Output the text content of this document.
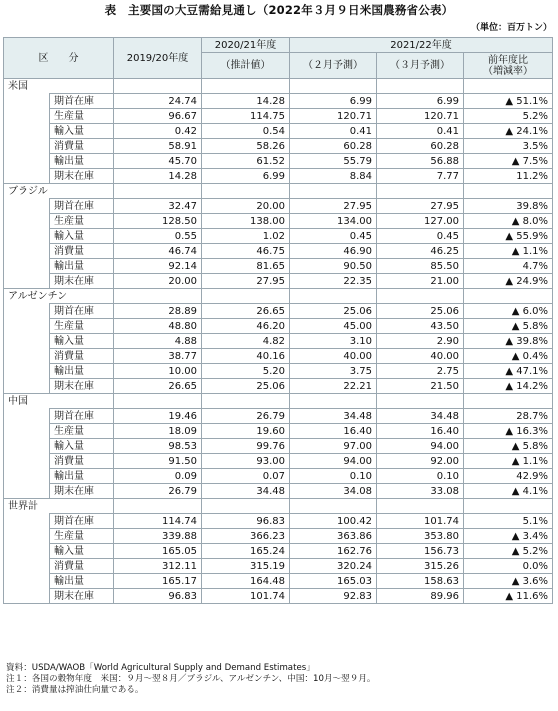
表　主要国の大豆需給見通し（2022年３月９日米国農務省公表）
（単位：百万トン）
区　　分		2019/20年度	2020/21年度	2021/22年度		
			（推計値）	（２月予測）	（３月予測）	前年度比
（増減率）
米国						
	期首在庫	24.74	14.28	6.99	6.99	▲ 51.1%
	生産量	96.67	114.75	120.71	120.71	5.2%
	輸入量	0.42	0.54	0.41	0.41	▲ 24.1%
	消費量	58.91	58.26	60.28	60.28	3.5%
	輸出量	45.70	61.52	55.79	56.88	▲ 7.5%
	期末在庫	14.28	6.99	8.84	7.77	11.2%
ブラジル						
	期首在庫	32.47	20.00	27.95	27.95	39.8%
	生産量	128.50	138.00	134.00	127.00	▲ 8.0%
	輸入量	0.55	1.02	0.45	0.45	▲ 55.9%
	消費量	46.74	46.75	46.90	46.25	▲ 1.1%
	輸出量	92.14	81.65	90.50	85.50	4.7%
	期末在庫	20.00	27.95	22.35	21.00	▲ 24.9%
アルゼンチン						
	期首在庫	28.89	26.65	25.06	25.06	▲ 6.0%
	生産量	48.80	46.20	45.00	43.50	▲ 5.8%
	輸入量	4.88	4.82	3.10	2.90	▲ 39.8%
	消費量	38.77	40.16	40.00	40.00	▲ 0.4%
	輸出量	10.00	5.20	3.75	2.75	▲ 47.1%
	期末在庫	26.65	25.06	22.21	21.50	▲ 14.2%
中国						
	期首在庫	19.46	26.79	34.48	34.48	28.7%
	生産量	18.09	19.60	16.40	16.40	▲ 16.3%
	輸入量	98.53	99.76	97.00	94.00	▲ 5.8%
	消費量	91.50	93.00	94.00	92.00	▲ 1.1%
	輸出量	0.09	0.07	0.10	0.10	42.9%
	期末在庫	26.79	34.48	34.08	33.08	▲ 4.1%
世界計						
	期首在庫	114.74	96.83	100.42	101.74	5.1%
	生産量	339.88	366.23	363.86	353.80	▲ 3.4%
	輸入量	165.05	165.24	162.76	156.73	▲ 5.2%
	消費量	312.11	315.19	320.24	315.26	0.0%
	輸出量	165.17	164.48	165.03	158.63	▲ 3.6%
	期末在庫	96.83	101.74	92.83	89.96	▲ 11.6%
資料：USDA/WAOB「World Agricultural Supply and Demand Estimates」
注１：各国の穀物年度　米国：９月～翌８月／ブラジル、アルゼンチン、中国：10月～翌９月。
注２：消費量は搾油仕向量である。
